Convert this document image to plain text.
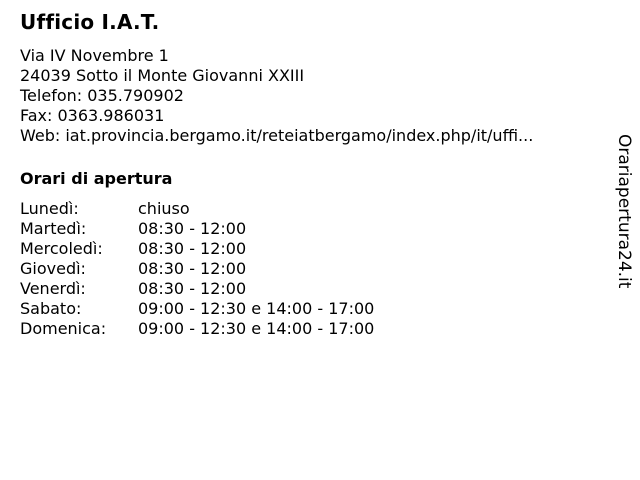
Ufficio I.A.T.
Via IV Novembre 1
24039 Sotto il Monte Giovanni XXIII
Telefon: 035.790902
Fax: 0363.986031
Web: iat.provincia.bergamo.it/reteiatbergamo/index.php/it/uffi...
Orari di apertura
Lunedì:	chiuso
Martedì:	08:30 - 12:00
Mercoledì:	08:30 - 12:00
Giovedì:	08:30 - 12:00
Venerdì:	08:30 - 12:00
Sabato:	09:00 - 12:30 e 14:00 - 17:00
Domenica:	09:00 - 12:30 e 14:00 - 17:00
Orariapertura24.it
